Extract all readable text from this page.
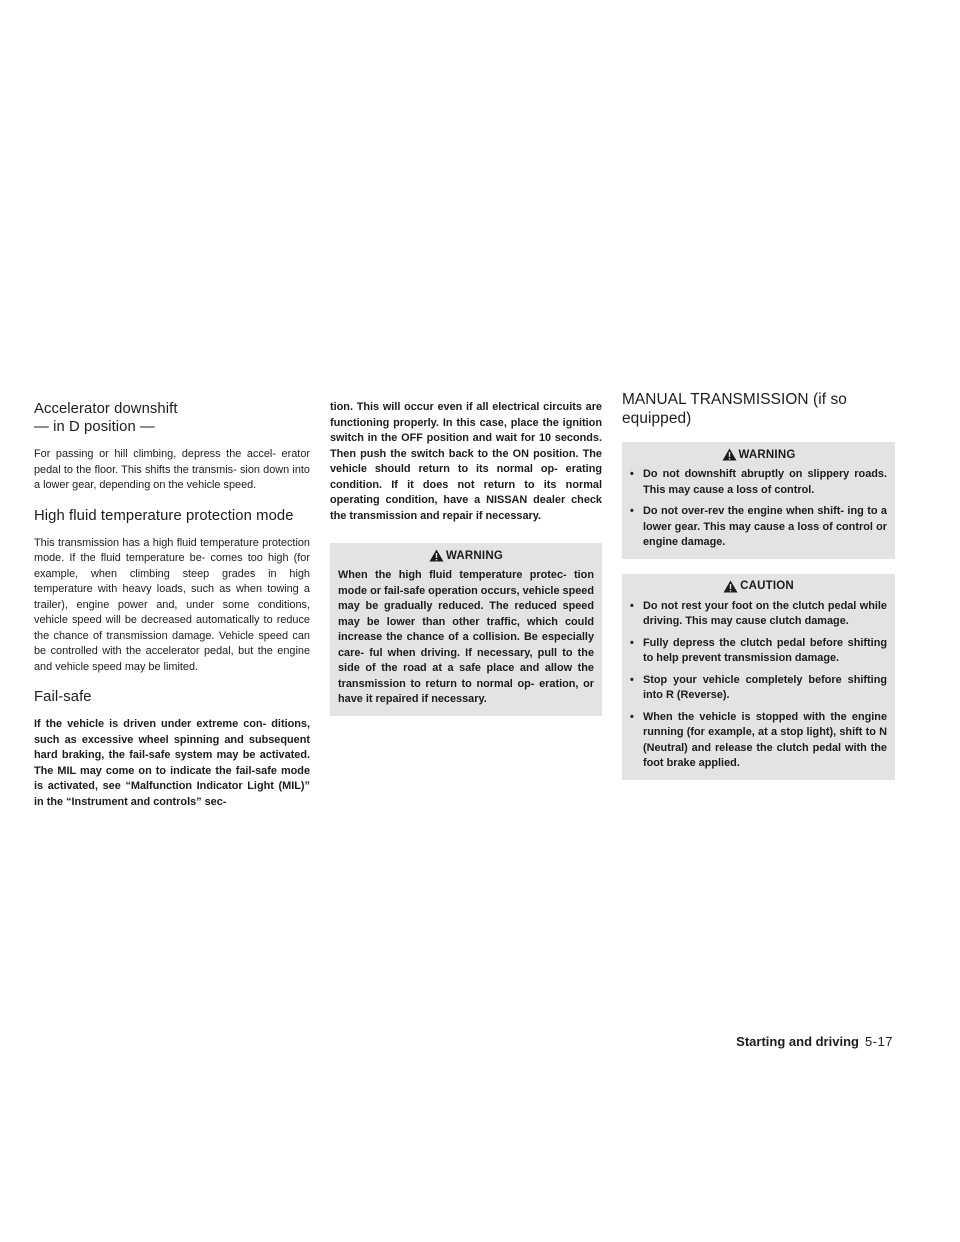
Accelerator downshift
— in D position —

For passing or hill climbing, depress the accel- erator pedal to the floor. This shifts the transmis- sion down into a lower gear, depending on the vehicle speed.

High fluid temperature protection mode

This transmission has a high fluid temperature protection mode. If the fluid temperature be- comes too high (for example, when climbing steep grades in high temperature with heavy loads, such as when towing a trailer), engine power and, under some conditions, vehicle speed will be decreased automatically to reduce the chance of transmission damage. Vehicle speed can be controlled with the accelerator pedal, but the engine and vehicle speed may be limited.

Fail-safe

If the vehicle is driven under extreme con- ditions, such as excessive wheel spinning and subsequent hard braking, the fail-safe system may be activated. The MIL may come on to indicate the fail-safe mode is activated, see “Malfunction Indicator Light (MIL)” in the “Instrument and controls” sec-

tion. This will occur even if all electrical circuits are functioning properly. In this case, place the ignition switch in the OFF position and wait for 10 seconds. Then push the switch back to the ON position. The vehicle should return to its normal op- erating condition. If it does not return to its normal operating condition, have a NISSAN dealer check the transmission and repair if necessary.

WARNING
When the high fluid temperature protec- tion mode or fail-safe operation occurs, vehicle speed may be gradually reduced. The reduced speed may be lower than other traffic, which could increase the chance of a collision. Be especially care- ful when driving. If necessary, pull to the side of the road at a safe place and allow the transmission to return to normal op- eration, or have it repaired if necessary.
MANUAL TRANSMISSION (if so equipped)
WARNING
• Do not downshift abruptly on slippery roads. This may cause a loss of control.
• Do not over-rev the engine when shift- ing to a lower gear. This may cause a loss of control or engine damage.
CAUTION
• Do not rest your foot on the clutch pedal while driving. This may cause clutch damage.
• Fully depress the clutch pedal before shifting to help prevent transmission damage.
• Stop your vehicle completely before shifting into R (Reverse).
• When the vehicle is stopped with the engine running (for example, at a stop light), shift to N (Neutral) and release the clutch pedal with the foot brake applied.
Starting and driving 5-17
